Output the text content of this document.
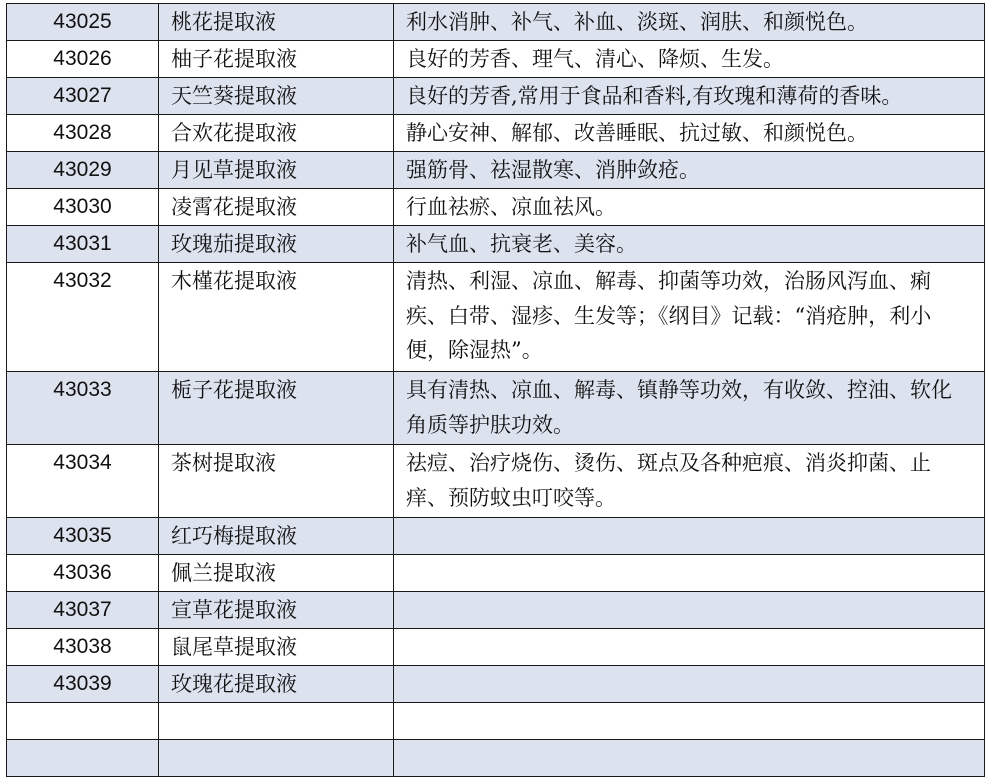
43025	桃花提取液	利水消肿、补气、补血、淡斑、润肤、和颜悦色。
43026	柚子花提取液	良好的芳香、理气、清心、降烦、生发。
43027	天竺葵提取液	良好的芳香,常用于食品和香料,有玫瑰和薄荷的香味。
43028	合欢花提取液	静心安神、解郁、改善睡眠、抗过敏、和颜悦色。
43029	月见草提取液	强筋骨、祛湿散寒、消肿敛疮。
43030	凌霄花提取液	行血祛瘀、凉血祛风。
43031	玫瑰茄提取液	补气血、抗衰老、美容。
43032	木槿花提取液	清热、利湿、凉血、解毒、抑菌等功效，治肠风泻血、痢疾、白带、湿疹、生发等；《纲目》记载：“消疮肿，利小便，除湿热”。
43033	栀子花提取液	具有清热、凉血、解毒、镇静等功效，有收敛、控油、软化角质等护肤功效。
43034	茶树提取液	祛痘、治疗烧伤、烫伤、斑点及各种疤痕、消炎抑菌、止痒、预防蚊虫叮咬等。
43035	红巧梅提取液	
43036	佩兰提取液	
43037	宣草花提取液	
43038	鼠尾草提取液	
43039	玫瑰花提取液	
